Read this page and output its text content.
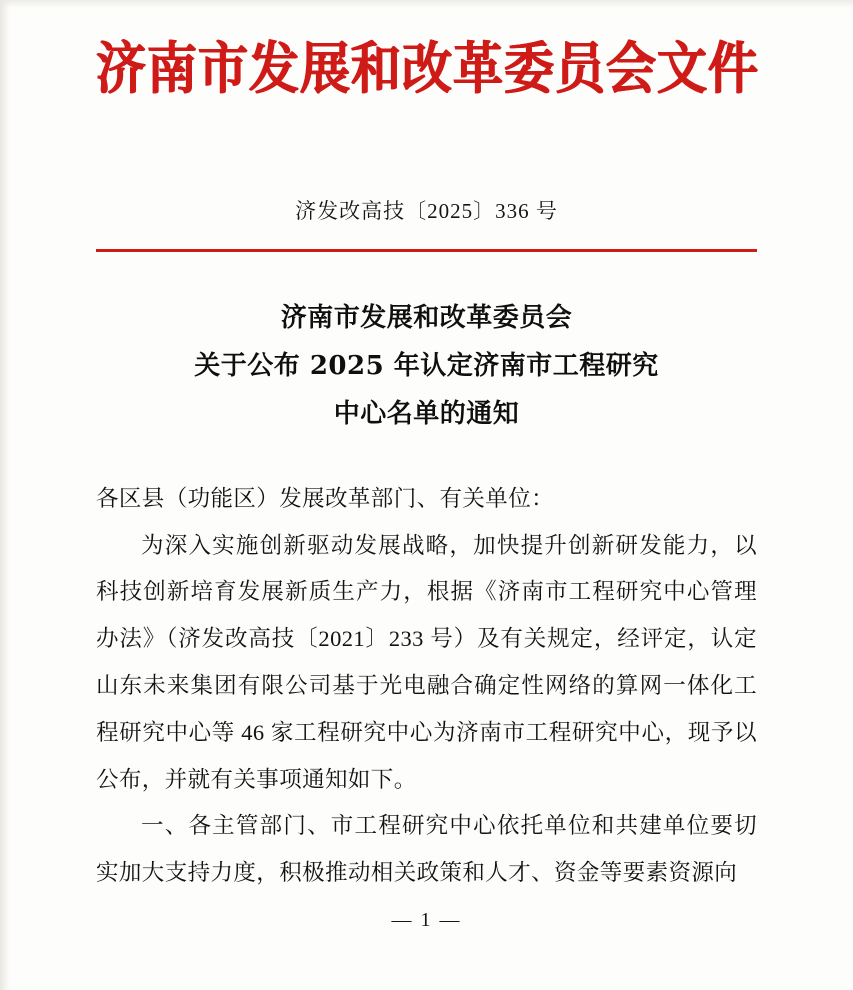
济南市发展和改革委员会文件
济发改高技〔2025〕336 号
济南市发展和改革委员会
关于公布 2025 年认定济南市工程研究
中心名单的通知

各区县（功能区）发展改革部门、有关单位：

为深入实施创新驱动发展战略，加快提升创新研发能力，以科技创新培育发展新质生产力，根据《济南市工程研究中心管理办法》（济发改高技〔2021〕233 号）及有关规定，经评定，认定山东未来集团有限公司基于光电融合确定性网络的算网一体化工程研究中心等 46 家工程研究中心为济南市工程研究中心，现予以公布，并就有关事项通知如下。

一、各主管部门、市工程研究中心依托单位和共建单位要切实加大支持力度，积极推动相关政策和人才、资金等要素资源向

— 1 —
